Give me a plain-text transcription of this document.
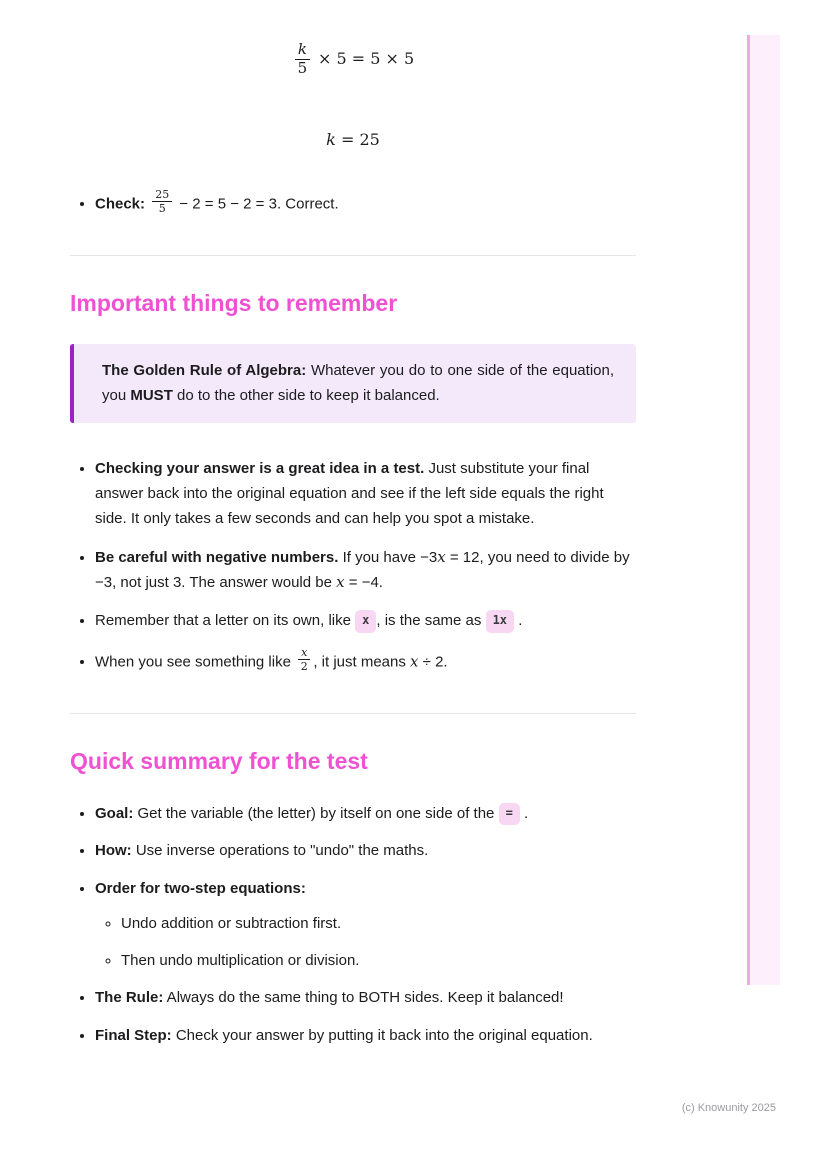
$\frac{k}{5} \times 5 = 5 \times 5$
k = 25
• Check: $\frac{25}{5} - 2 = 5 - 2 = 3$. Correct.
Important things to remember
The Golden Rule of Algebra: Whatever you do to one side of the equation, you MUST do to the other side to keep it balanced.
• Checking your answer is a great idea in a test. Just substitute your final answer back into the original equation and see if the left side equals the right side. It only takes a few seconds and can help you spot a mistake.
• Be careful with negative numbers. If you have −3x = 12, you need to divide by −3, not just 3. The answer would be x = −4.
• Remember that a letter on its own, like x , is the same as 1x .
• When you see something like $\frac{x}{2}$ , it just means x ÷ 2.
Quick summary for the test
• Goal: Get the variable (the letter) by itself on one side of the = .
• How: Use inverse operations to "undo" the maths.
• Order for two-step equations:
◦ Undo addition or subtraction first.
◦ Then undo multiplication or division.
• The Rule: Always do the same thing to BOTH sides. Keep it balanced!
• Final Step: Check your answer by putting it back into the original equation.
(c) Knowunity 2025
